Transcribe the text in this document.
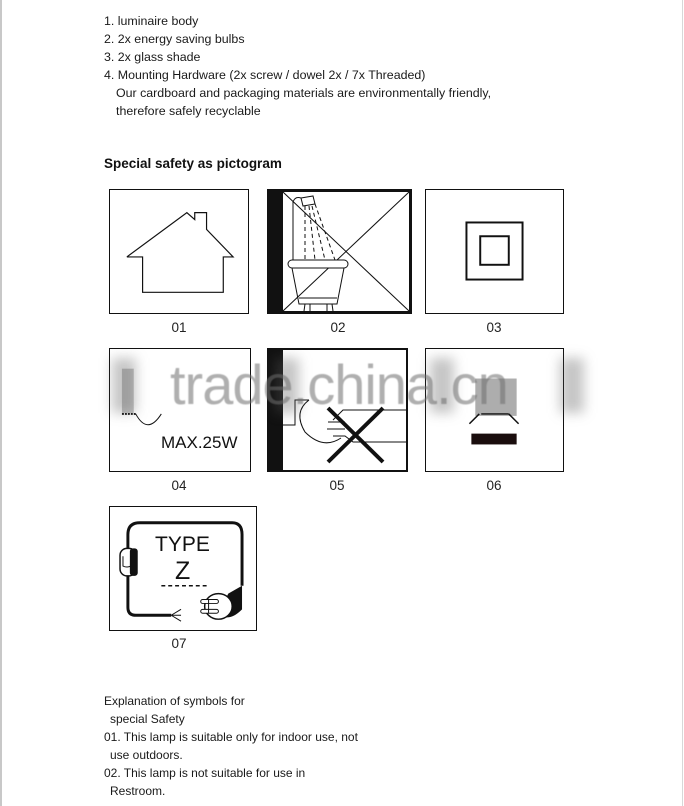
1. luminaire body
2. 2x energy saving bulbs
3. 2x glass shade
4. Mounting Hardware (2x screw / dowel 2x / 7x Threaded)
Our cardboard and packaging materials are environmentally friendly,
therefore safely recyclable
Special safety as pictogram
01	02	03
MAX.25W
04	05	06
TYPE
Z
07
trade.china.cn
Explanation of symbols for
special Safety
01. This lamp is suitable only for indoor use, not
use outdoors.
02. This lamp is not suitable for use in
Restroom.
